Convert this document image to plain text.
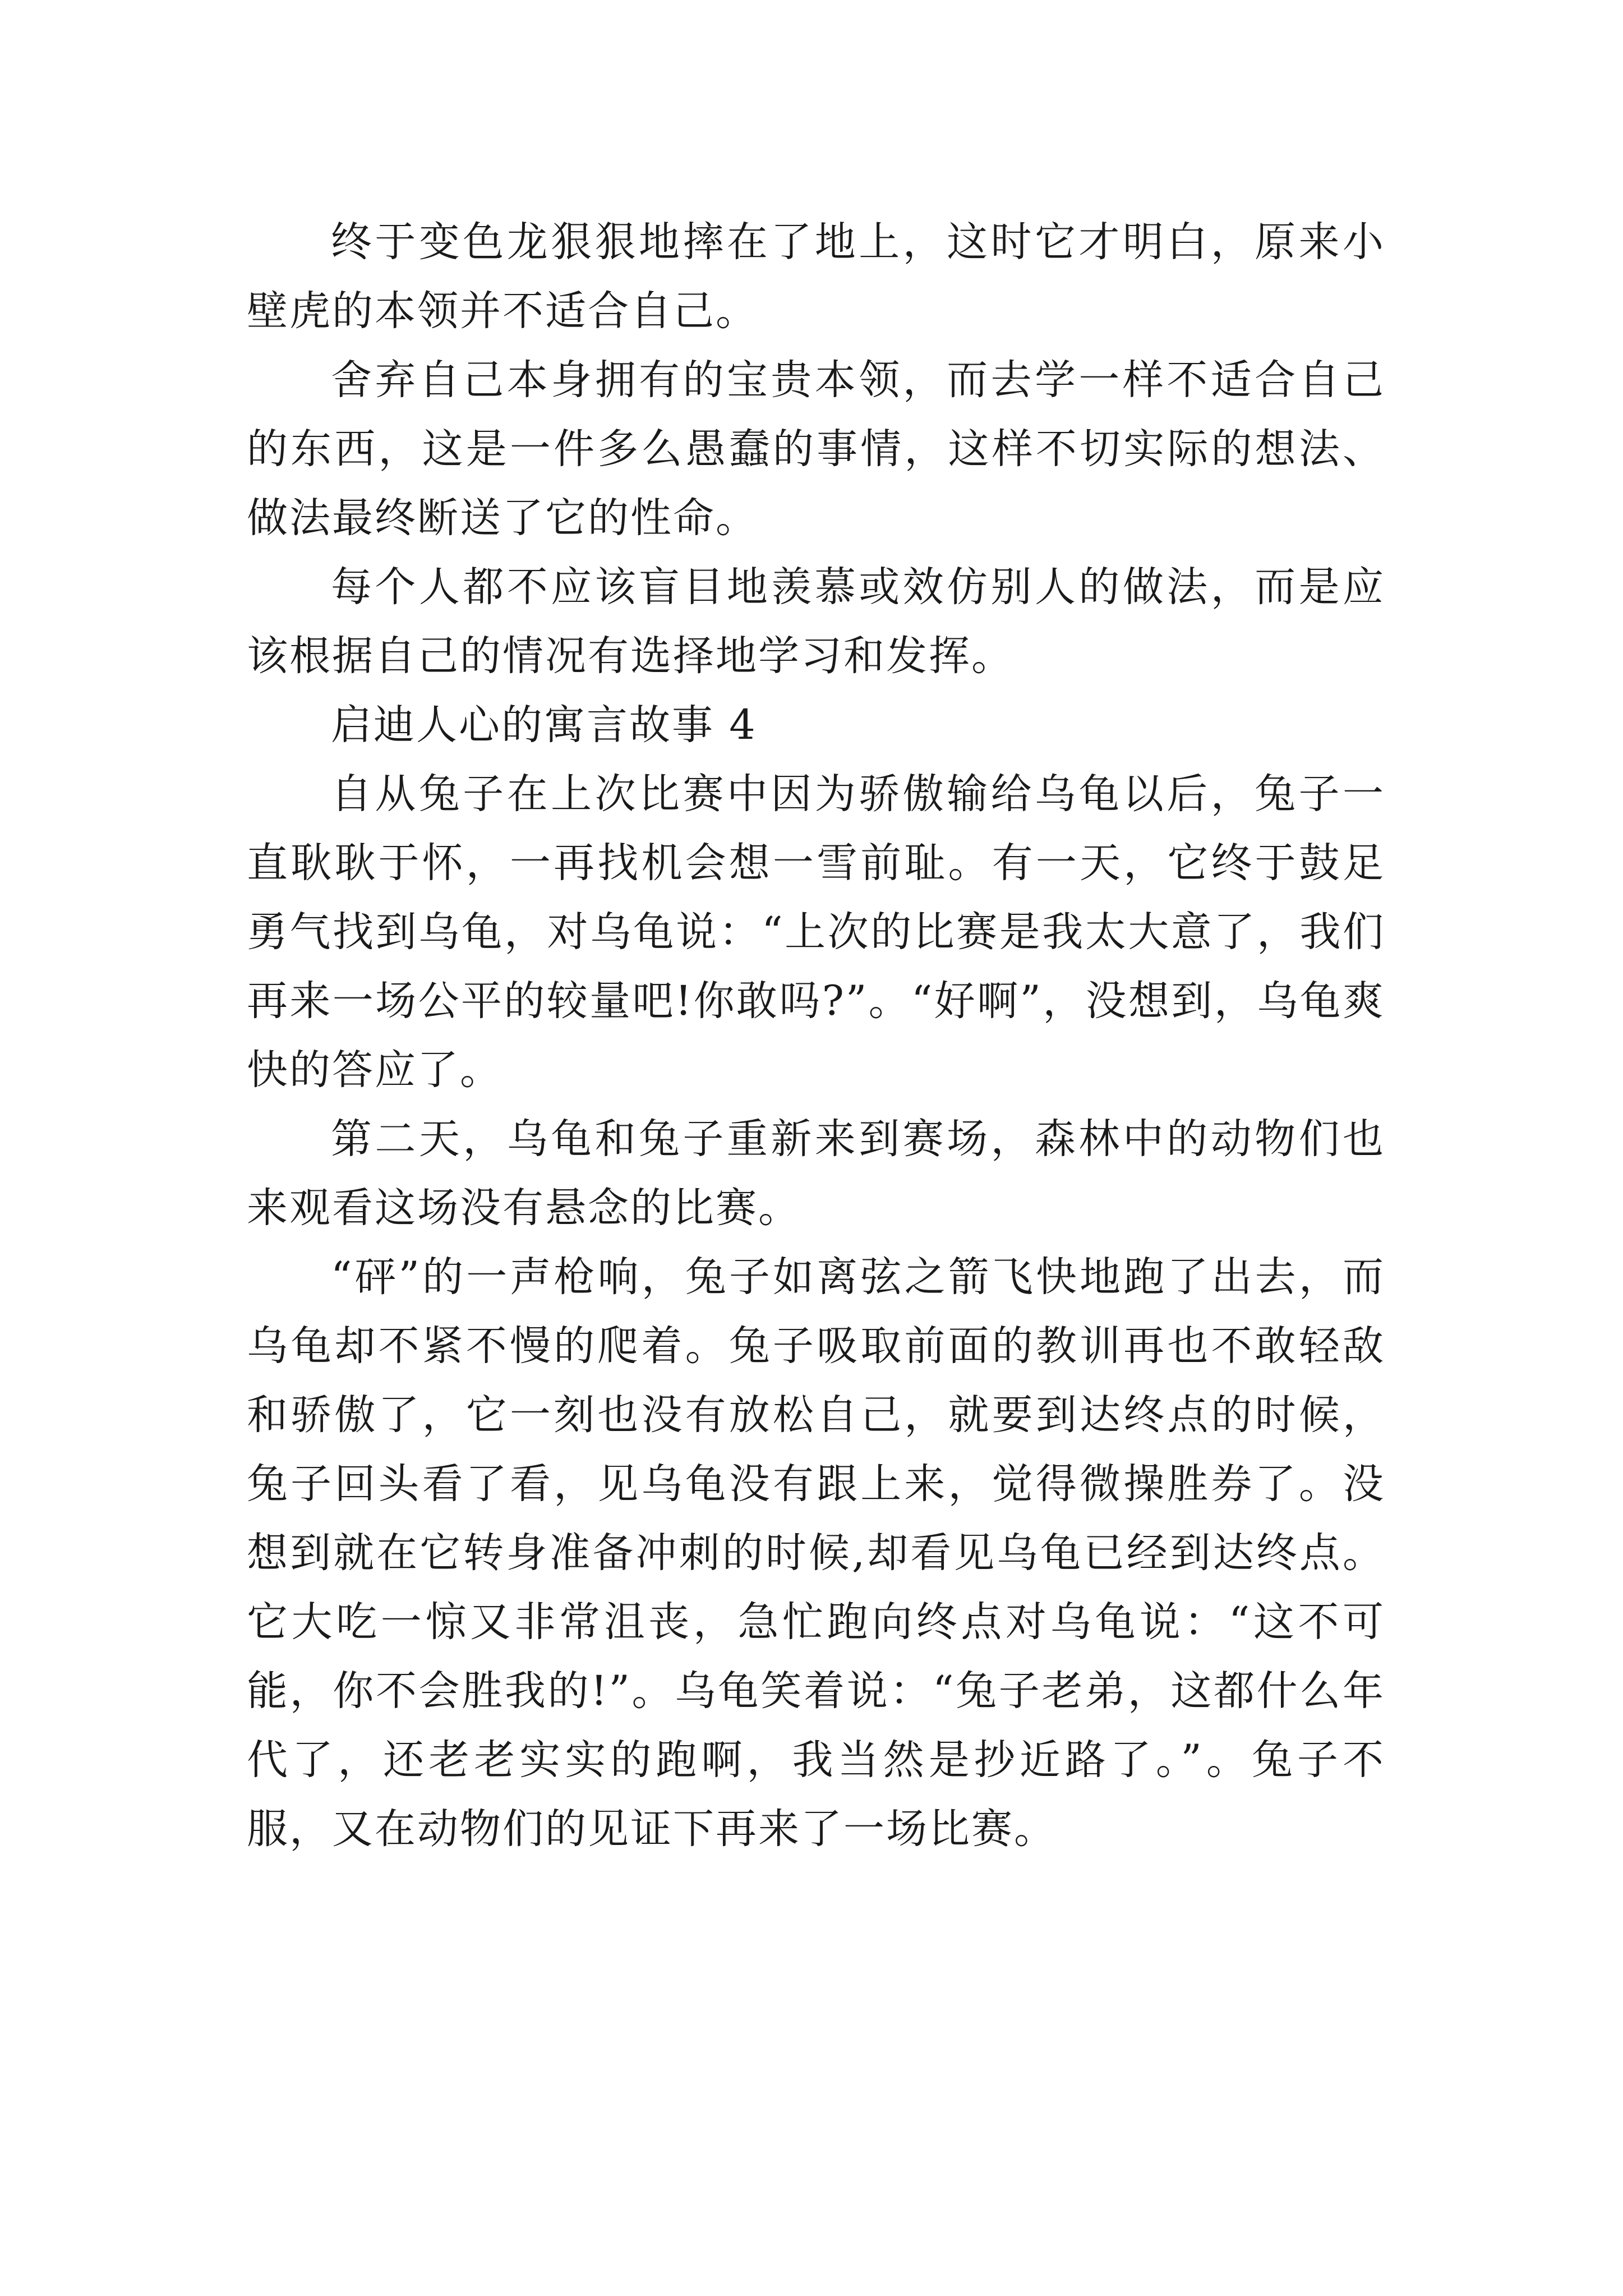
终于变色龙狠狠地摔在了地上，这时它才明白，原来小壁虎的本领并不适合自己。

舍弃自己本身拥有的宝贵本领，而去学一样不适合自己的东西，这是一件多么愚蠢的事情，这样不切实际的想法、做法最终断送了它的性命。

每个人都不应该盲目地羡慕或效仿别人的做法，而是应该根据自己的情况有选择地学习和发挥。

启迪人心的寓言故事 4

自从兔子在上次比赛中因为骄傲输给乌龟以后，兔子一直耿耿于怀，一再找机会想一雪前耻。有一天，它终于鼓足勇气找到乌龟，对乌龟说：“上次的比赛是我太大意了，我们再来一场公平的较量吧!你敢吗?”。“好啊”，没想到，乌龟爽快的答应了。

第二天，乌龟和兔子重新来到赛场，森林中的动物们也来观看这场没有悬念的比赛。

“砰”的一声枪响，兔子如离弦之箭飞快地跑了出去，而乌龟却不紧不慢的爬着。兔子吸取前面的教训再也不敢轻敌和骄傲了，它一刻也没有放松自己，就要到达终点的时候，兔子回头看了看，见乌龟没有跟上来，觉得微操胜券了。没想到就在它转身准备冲刺的时候,却看见乌龟已经到达终点。它大吃一惊又非常沮丧，急忙跑向终点对乌龟说：“这不可能，你不会胜我的!”。乌龟笑着说：“兔子老弟，这都什么年代了，还老老实实的跑啊，我当然是抄近路了。”。兔子不服，又在动物们的见证下再来了一场比赛。
